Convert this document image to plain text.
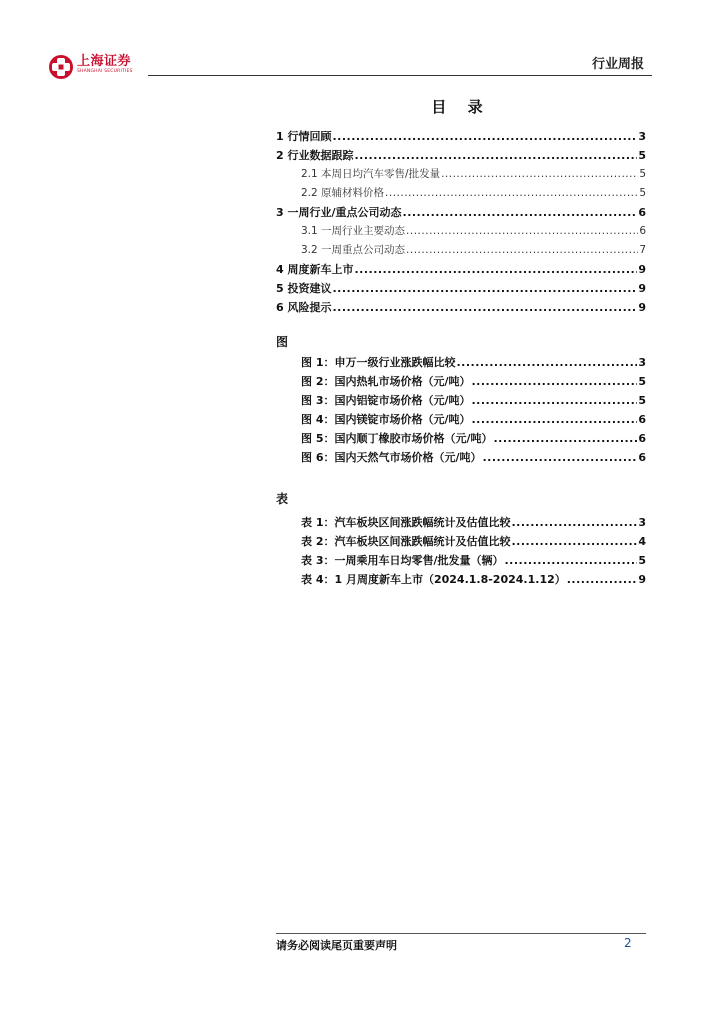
上海证券
SHANGHAI SECURITIES	行业周报
目 录
1 行情回顾 .....	3
2 行业数据跟踪 .....	5
2.1 本周日均汽车零售/批发量 .....	5
2.2 原辅材料价格 .....	5
3 一周行业/重点公司动态 .....	6
3.1 一周行业主要动态 .....	6
3.2 一周重点公司动态 .....	7
4 周度新车上市 .....	9
5 投资建议 .....	9
6 风险提示 .....	9
图
图 1：申万一级行业涨跌幅比较 .....	3
图 2：国内热轧市场价格（元/吨） .....	5
图 3：国内铝锭市场价格（元/吨） .....	5
图 4：国内镁锭市场价格（元/吨） .....	6
图 5：国内顺丁橡胶市场价格（元/吨） .....	6
图 6：国内天然气市场价格（元/吨） .....	6
表
表 1：汽车板块区间涨跌幅统计及估值比较 .....	3
表 2：汽车板块区间涨跌幅统计及估值比较 .....	4
表 3：一周乘用车日均零售/批发量（辆） .....	5
表 4：1 月周度新车上市（2024.1.8-2024.1.12） .....	9
请务必阅读尾页重要声明	2
